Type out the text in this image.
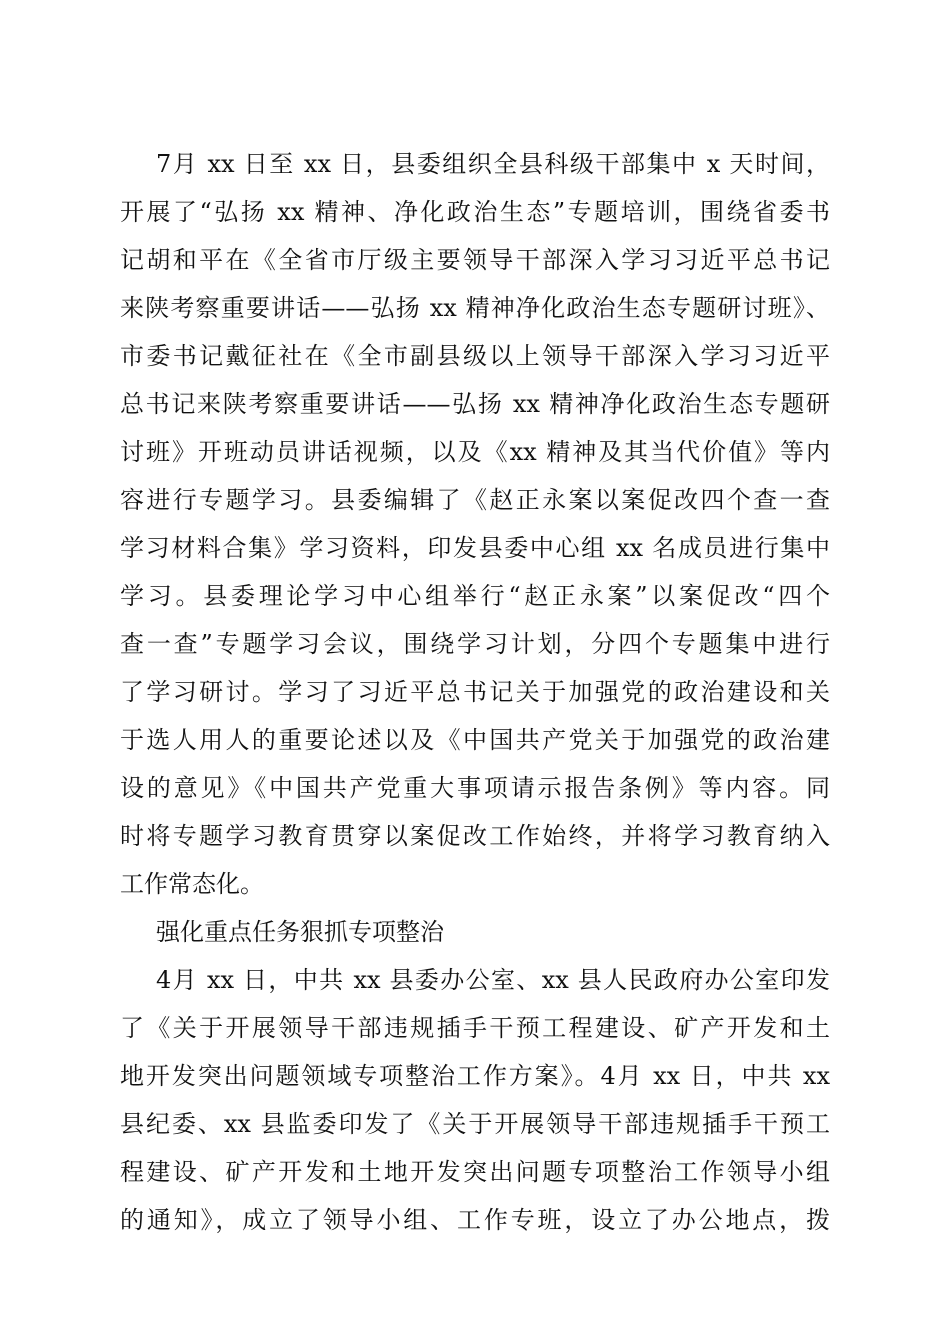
7月 xx 日至 xx 日，县委组织全县科级干部集中 x 天时间，
开展了“弘扬 xx 精神、净化政治生态”专题培训，围绕省委书
记胡和平在《全省市厅级主要领导干部深入学习习近平总书记
来陕考察重要讲话——弘扬 xx 精神净化政治生态专题研讨班》、
市委书记戴征社在《全市副县级以上领导干部深入学习习近平
总书记来陕考察重要讲话——弘扬 xx 精神净化政治生态专题研
讨班》开班动员讲话视频，以及《xx 精神及其当代价值》等内
容进行专题学习。县委编辑了《赵正永案以案促改四个查一查
学习材料合集》学习资料，印发县委中心组 xx 名成员进行集中
学习。县委理论学习中心组举行“赵正永案”以案促改“四个
查一查”专题学习会议，围绕学习计划，分四个专题集中进行
了学习研讨。学习了习近平总书记关于加强党的政治建设和关
于选人用人的重要论述以及《中国共产党关于加强党的政治建
设的意见》《中国共产党重大事项请示报告条例》等内容。同
时将专题学习教育贯穿以案促改工作始终，并将学习教育纳入
工作常态化。
强化重点任务狠抓专项整治
4月 xx 日，中共 xx 县委办公室、xx 县人民政府办公室印发
了《关于开展领导干部违规插手干预工程建设、矿产开发和土
地开发突出问题领域专项整治工作方案》。4月 xx 日，中共 xx
县纪委、xx 县监委印发了《关于开展领导干部违规插手干预工
程建设、矿产开发和土地开发突出问题专项整治工作领导小组
的通知》，成立了领导小组、工作专班，设立了办公地点，拨
